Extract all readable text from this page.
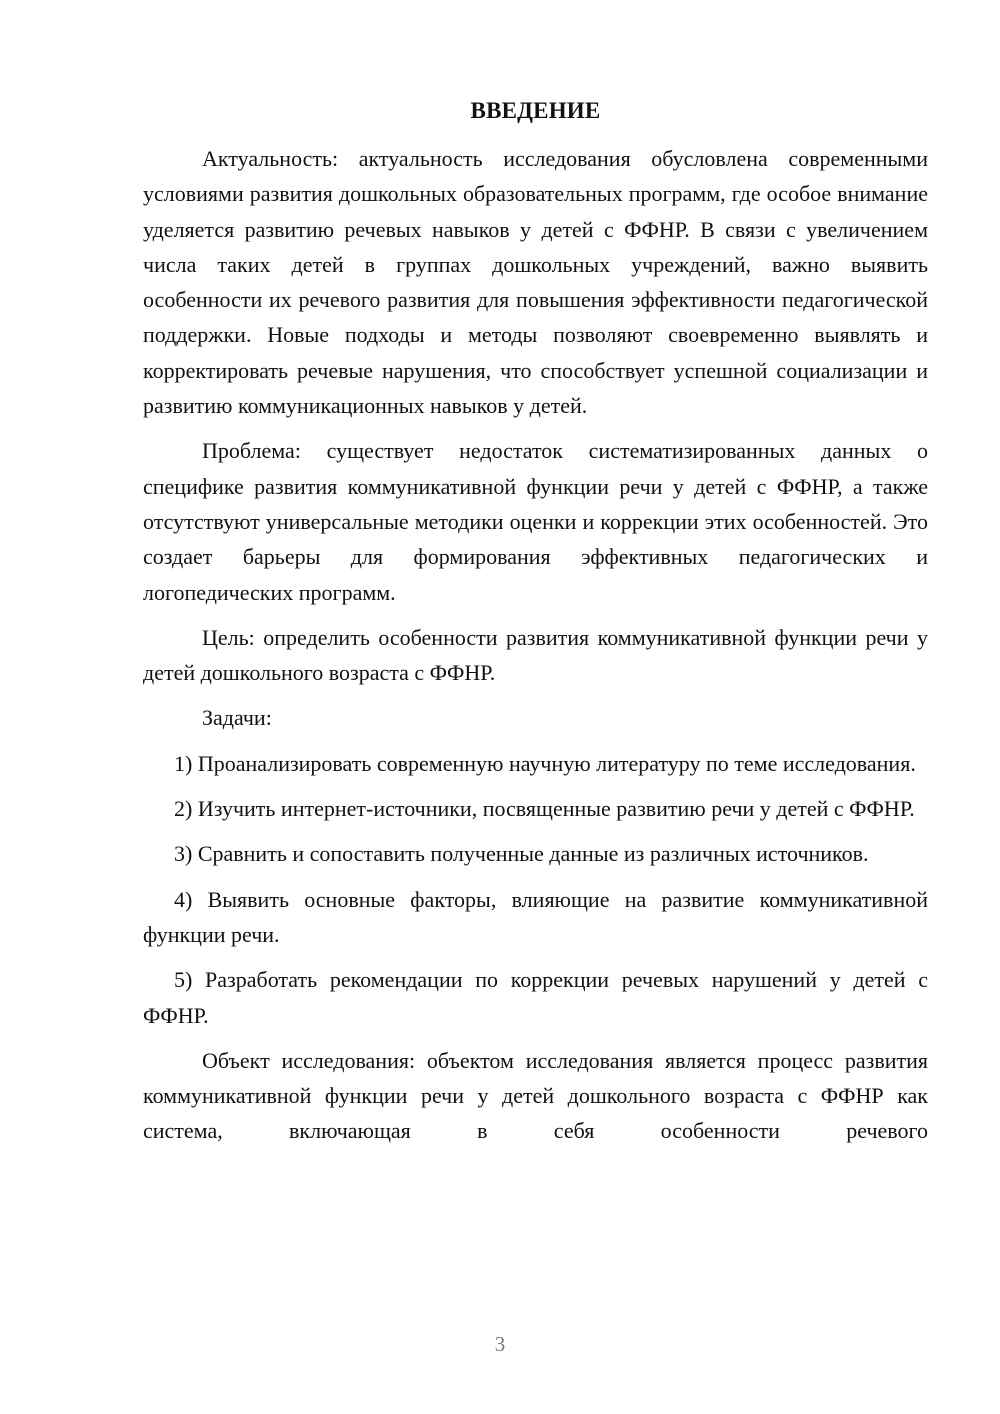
ВВЕДЕНИЕ

Актуальность: актуальность исследования обусловлена современными условиями развития дошкольных образовательных программ, где особое внимание уделяется развитию речевых навыков у детей с ФФНР. В связи с увеличением числа таких детей в группах дошкольных учреждений, важно выявить особенности их речевого развития для повышения эффективности педагогической поддержки. Новые подходы и методы позволяют своевременно выявлять и корректировать речевые нарушения, что способствует успешной социализации и развитию коммуникационных навыков у детей.

Проблема: существует недостаток систематизированных данных о специфике развития коммуникативной функции речи у детей с ФФНР, а также отсутствуют универсальные методики оценки и коррекции этих особенностей. Это создает барьеры для формирования эффективных педагогических и логопедических программ.

Цель: определить особенности развития коммуникативной функции речи у детей дошкольного возраста с ФФНР.

Задачи:

1) Проанализировать современную научную литературу по теме исследования.

2) Изучить интернет-источники, посвященные развитию речи у детей с ФФНР.

3) Сравнить и сопоставить полученные данные из различных источников.

4) Выявить основные факторы, влияющие на развитие коммуникативной функции речи.

5) Разработать рекомендации по коррекции речевых нарушений у детей с ФФНР.

Объект исследования: объектом исследования является процесс развития коммуникативной функции речи у детей дошкольного возраста с ФФНР как система, включающая в себя особенности речевого

3
